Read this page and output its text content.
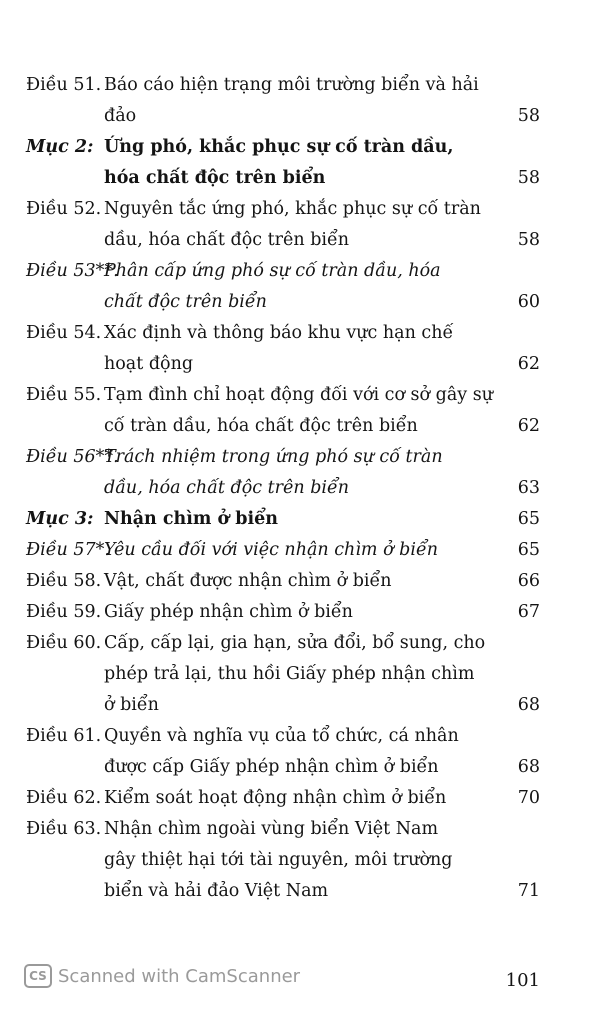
Điều 51. Báo cáo hiện trạng môi trường biển và hải
đảo	58
Mục 2: Ứng phó, khắc phục sự cố tràn dầu,
hóa chất độc trên biển	58
Điều 52. Nguyên tắc ứng phó, khắc phục sự cố tràn
dầu, hóa chất độc trên biển	58
Điều 53**.
Phân cấp ứng phó sự cố tràn dầu, hóa
chất độc trên biển	60
Điều 54. Xác định và thông báo khu vực hạn chế
hoạt động	62
Điều 55. Tạm đình chỉ hoạt động đối với cơ sở gây sự
cố tràn dầu, hóa chất độc trên biển	62
Điều 56**.
Trách nhiệm trong ứng phó sự cố tràn
dầu, hóa chất độc trên biển	63
Mục 3: Nhận chìm ở biển	65
Điều 57*.
Yêu cầu đối với việc nhận chìm ở biển	65
Điều 58. Vật, chất được nhận chìm ở biển	66
Điều 59. Giấy phép nhận chìm ở biển	67
Điều 60. Cấp, cấp lại, gia hạn, sửa đổi, bổ sung, cho
phép trả lại, thu hồi Giấy phép nhận chìm
ở biển	68
Điều 61. Quyền và nghĩa vụ của tổ chức, cá nhân
được cấp Giấy phép nhận chìm ở biển	68
Điều 62. Kiểm soát hoạt động nhận chìm ở biển	70
Điều 63. Nhận chìm ngoài vùng biển Việt Nam
gây thiệt hại tới tài nguyên, môi trường
biển và hải đảo Việt Nam	71
CS Scanned with CamScanner	101
